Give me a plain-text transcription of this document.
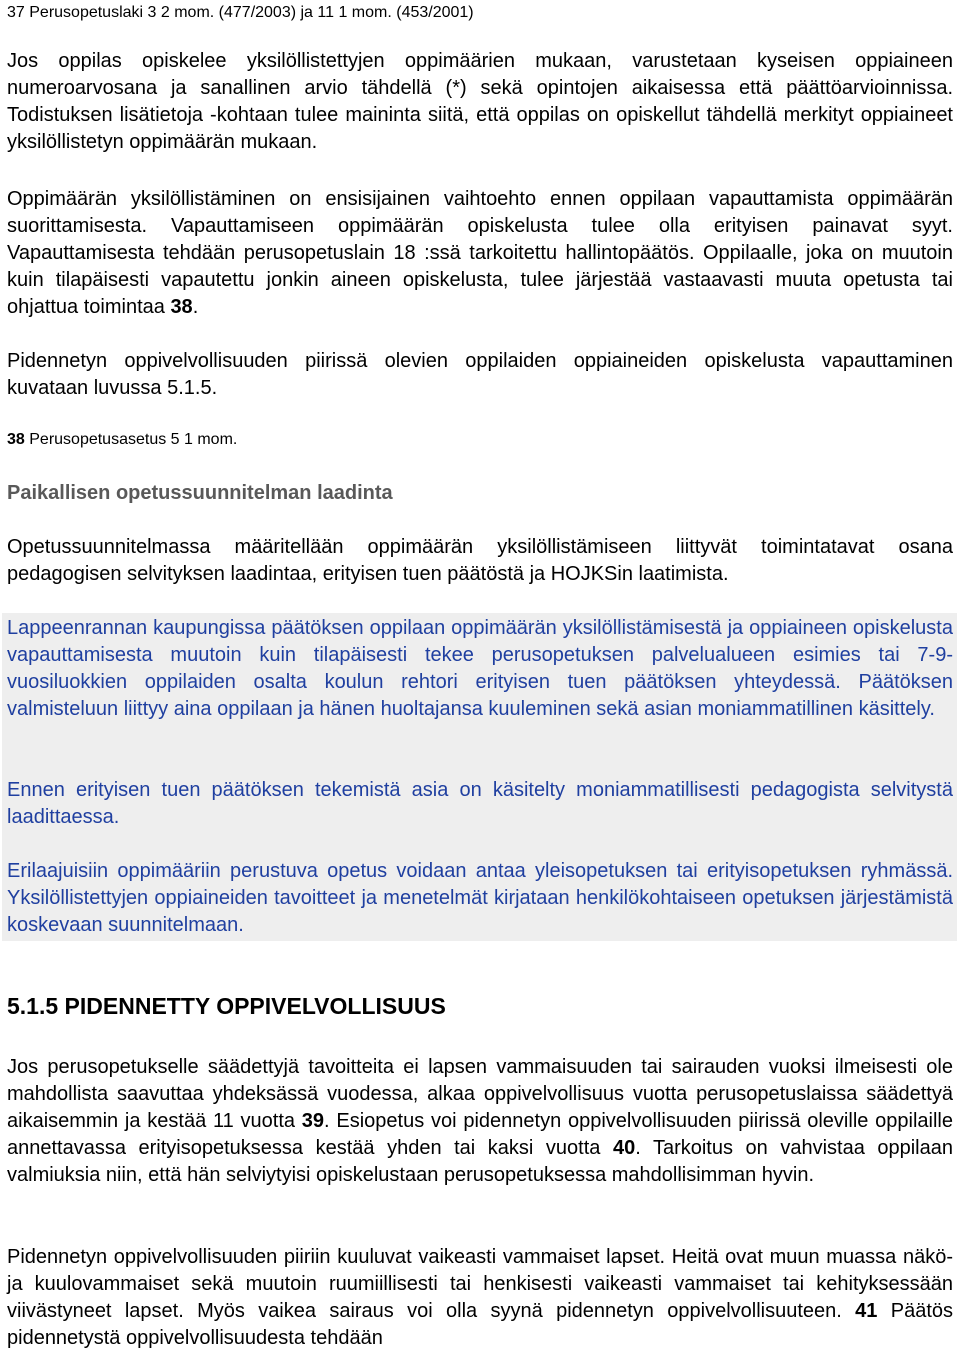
37 Perusopetuslaki 3 2 mom. (477/2003) ja 11 1 mom. (453/2001)

Jos oppilas opiskelee yksilöllistettyjen oppimäärien mukaan, varustetaan kyseisen oppiaineen numeroarvosana ja sanallinen arvio tähdellä (*) sekä opintojen aikaisessa että päättöarvioinnissa. Todistuksen lisätietoja -kohtaan tulee maininta siitä, että oppilas on opiskellut tähdellä merkityt oppiaineet yksilöllistetyn oppimäärän mukaan.

Oppimäärän yksilöllistäminen on ensisijainen vaihtoehto ennen oppilaan vapauttamista oppimäärän suorittamisesta. Vapauttamiseen oppimäärän opiskelusta tulee olla erityisen painavat syyt. Vapauttamisesta tehdään perusopetuslain 18 :ssä tarkoitettu hallintopäätös. Oppilaalle, joka on muutoin kuin tilapäisesti vapautettu jonkin aineen opiskelusta, tulee järjestää vastaavasti muuta opetusta tai ohjattua toimintaa 38.

Pidennetyn oppivelvollisuuden piirissä olevien oppilaiden oppiaineiden opiskelusta vapauttaminen kuvataan luvussa 5.1.5.

38 Perusopetusasetus 5 1 mom.
Paikallisen opetussuunnitelman laadinta

Opetussuunnitelmassa määritellään oppimäärän yksilöllistämiseen liittyvät toimintatavat osana pedagogisen selvityksen laadintaa, erityisen tuen päätöstä ja HOJKSin laatimista.

Lappeenrannan kaupungissa päätöksen oppilaan oppimäärän yksilöllistämisestä ja oppiaineen opiskelusta vapauttamisesta muutoin kuin tilapäisesti tekee perusopetuksen palvelualueen esimies tai 7-9-vuosiluokkien oppilaiden osalta koulun rehtori erityisen tuen päätöksen yhteydessä. Päätöksen valmisteluun liittyy aina oppilaan ja hänen huoltajansa kuuleminen sekä asian moniammatillinen käsittely.

Ennen erityisen tuen päätöksen tekemistä asia on käsitelty moniammatillisesti pedagogista selvitystä laadittaessa.

Erilaajuisiin oppimääriin perustuva opetus voidaan antaa yleisopetuksen tai erityisopetuksen ryhmässä. Yksilöllistettyjen oppiaineiden tavoitteet ja menetelmät kirjataan henkilökohtaiseen opetuksen järjestämistä koskevaan suunnitelmaan.

5.1.5 PIDENNETTY OPPIVELVOLLISUUS

Jos perusopetukselle säädettyjä tavoitteita ei lapsen vammaisuuden tai sairauden vuoksi ilmeisesti ole mahdollista saavuttaa yhdeksässä vuodessa, alkaa oppivelvollisuus vuotta perusopetuslaissa säädettyä aikaisemmin ja kestää 11 vuotta 39. Esiopetus voi pidennetyn oppivelvollisuuden piirissä oleville oppilaille annettavassa erityisopetuksessa kestää yhden tai kaksi vuotta 40. Tarkoitus on vahvistaa oppilaan valmiuksia niin, että hän selviytyisi opiskelustaan perusopetuksessa mahdollisimman hyvin.

Pidennetyn oppivelvollisuuden piiriin kuuluvat vaikeasti vammaiset lapset. Heitä ovat muun muassa näkö- ja kuulovammaiset sekä muutoin ruumiillisesti tai henkisesti vaikeasti vammaiset tai kehityksessään viivästyneet lapset. Myös vaikea sairaus voi olla syynä pidennetyn oppivelvollisuuteen. 41 Päätös pidennetystä oppivelvollisuudesta tehdään
